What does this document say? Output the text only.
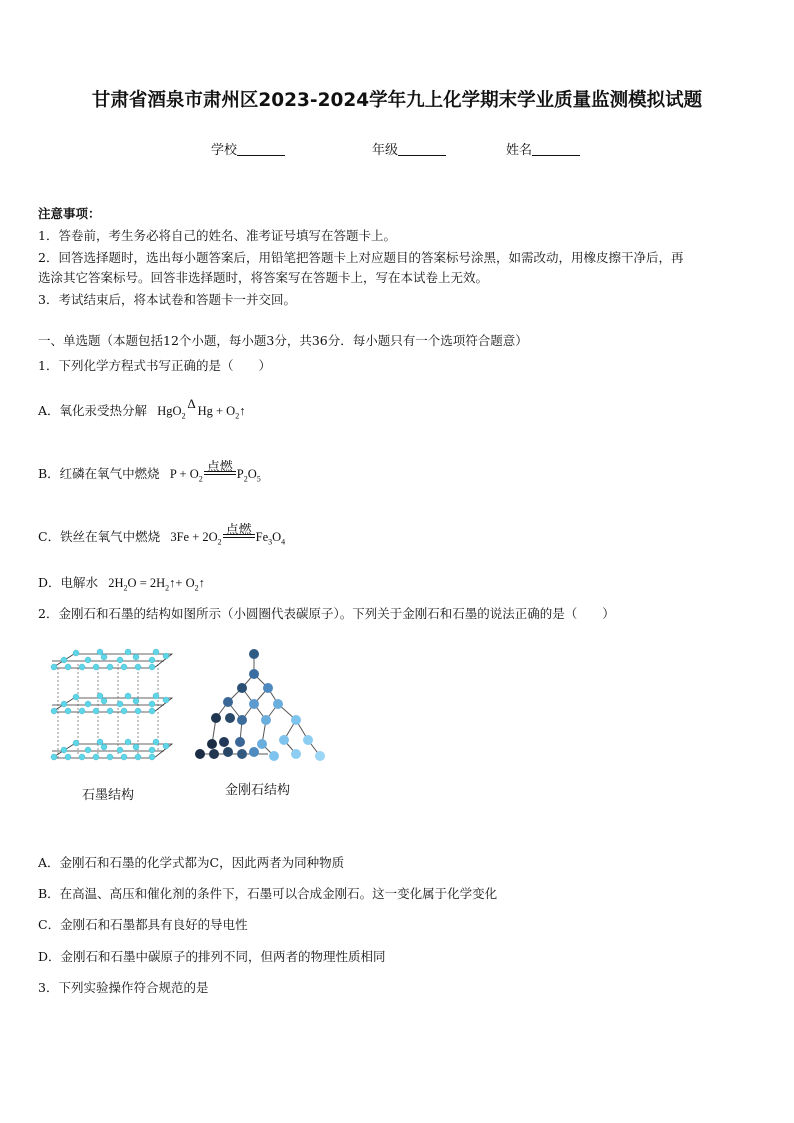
甘肃省酒泉市肃州区2023-2024学年九上化学期末学业质量监测模拟试题
学校	年级	姓名
注意事项：
1．答卷前，考生务必将自己的姓名、准考证号填写在答题卡上。
2．回答选择题时，选出每小题答案后，用铅笔把答题卡上对应题目的答案标号涂黑，如需改动，用橡皮擦干净后，再
选涂其它答案标号。回答非选择题时，将答案写在答题卡上，写在本试卷上无效。
3．考试结束后，将本试卷和答题卡一并交回。
一、单选题（本题包括12个小题，每小题3分，共36分．每小题只有一个选项符合题意）
1．下列化学方程式书写正确的是（　　）
A．氧化汞受热分解   HgO$_2$
Δ $Hg + O_2↑$
B．红磷在氧气中燃烧   $P + O_2$
点燃 $P_2O_5$
C．铁丝在氧气中燃烧   $3Fe + 2O_2$
点燃 $Fe_3O_4$
D．电解水   $2H_2O$ = $2H_2↑+$ $O_2↑$
2．金刚石和石墨的结构如图所示（小圆圈代表碳原子）。下列关于金刚石和石墨的说法正确的是（　　）
石墨结构	金刚石结构
A．金刚石和石墨的化学式都为C，因此两者为同种物质
B．在高温、高压和催化剂的条件下，石墨可以合成金刚石。这一变化属于化学变化
C．金刚石和石墨都具有良好的导电性
D．金刚石和石墨中碳原子的排列不同，但两者的物理性质相同
3．下列实验操作符合规范的是
